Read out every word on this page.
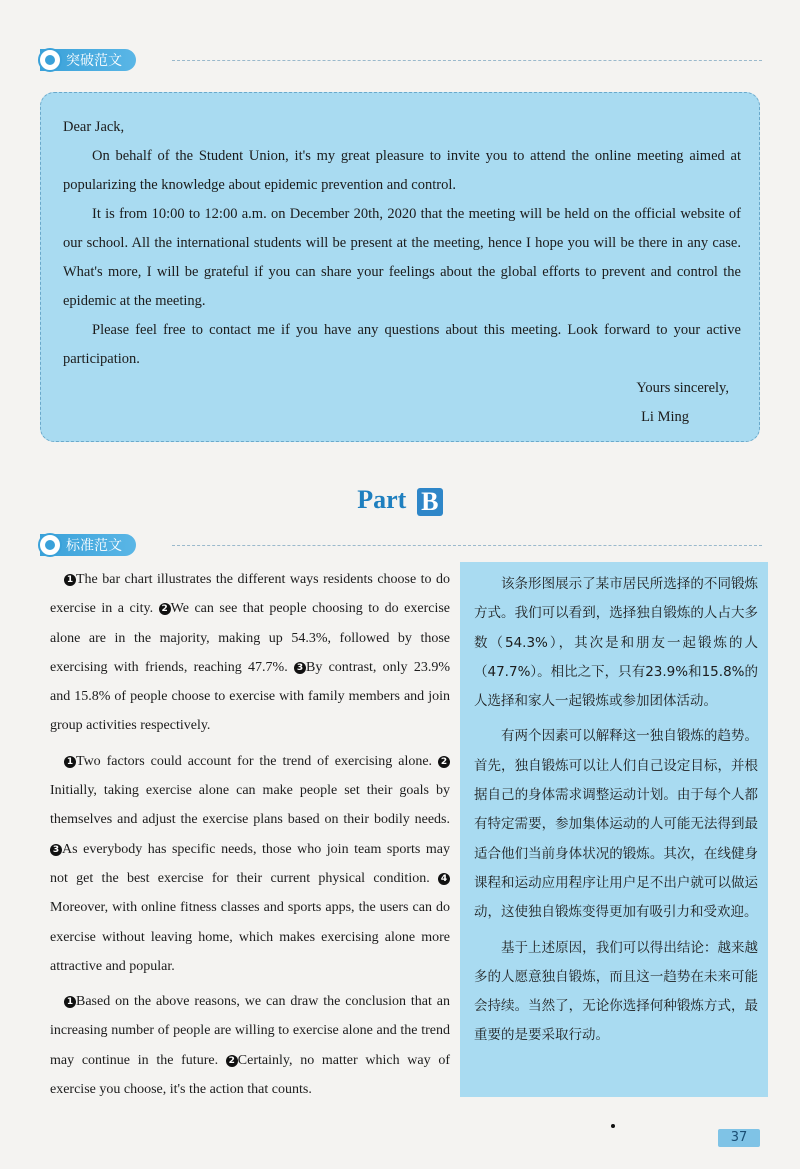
突破范文

Dear Jack,

On behalf of the Student Union, it's my great pleasure to invite you to attend the online meeting aimed at popularizing the knowledge about epidemic prevention and control.

It is from 10:00 to 12:00 a.m. on December 20th, 2020 that the meeting will be held on the official website of our school. All the international students will be present at the meeting, hence I hope you will be there in any case. What's more, I will be grateful if you can share your feelings about the global efforts to prevent and control the epidemic at the meeting.

Please feel free to contact me if you have any questions about this meeting. Look forward to your active participation.

Yours sincerely,

Li Ming

Part B
标准范文

1 The bar chart illustrates the different ways residents choose to do exercise in a city. 2 We can see that people choosing to do exercise alone are in the majority, making up 54.3%, followed by those exercising with friends, reaching 47.7%. 3 By contrast, only 23.9% and 15.8% of people choose to exercise with family members and join group activities respectively.

1 Two factors could account for the trend of exercising alone. 2Initially, taking exercise alone can make people set their goals by themselves and adjust the exercise plans based on their bodily needs. 3 As everybody has specific needs, those who join team sports may not get the best exercise for their current physical condition. 4Moreover, with online fitness classes and sports apps, the users can do exercise without leaving home, which makes exercising alone more attractive and popular.

1 Based on the above reasons, we can draw the conclusion that an increasing number of people are willing to exercise alone and the trend may continue in the future. 2 Certainly, no matter which way of exercise you choose, it's the action that counts.

该条形图展示了某市居民所选择的不同锻炼方式。我们可以看到，选择独自锻炼的人占大多数（54.3%），其次是和朋友一起锻炼的人（47.7%）。相比之下，只有23.9%和15.8%的人选择和家人一起锻炼或参加团体活动。

有两个因素可以解释这一独自锻炼的趋势。首先，独自锻炼可以让人们自己设定目标，并根据自己的身体需求调整运动计划。由于每个人都有特定需要，参加集体运动的人可能无法得到最适合他们当前身体状况的锻炼。其次，在线健身课程和运动应用程序让用户足不出户就可以做运动，这使独自锻炼变得更加有吸引力和受欢迎。

基于上述原因，我们可以得出结论：越来越多的人愿意独自锻炼，而且这一趋势在未来可能会持续。当然了，无论你选择何种锻炼方式，最重要的是要采取行动。

37
